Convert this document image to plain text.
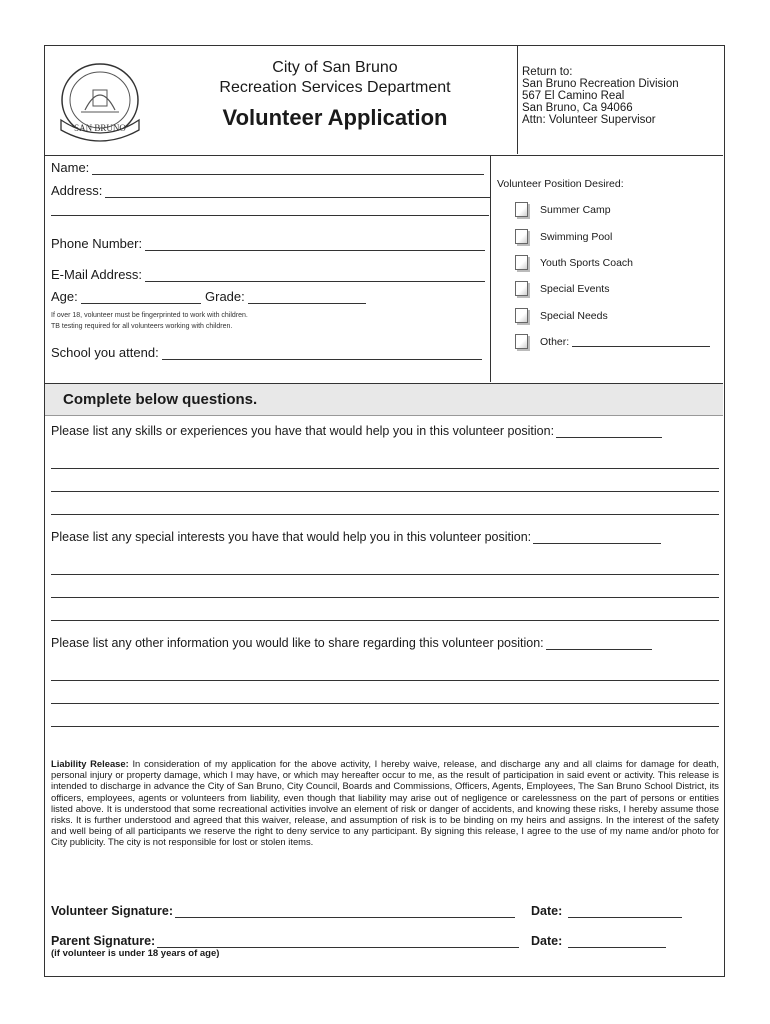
SAN BRUNO
City of San Bruno
Recreation Services Department
Volunteer Application
Return to:
San Bruno Recreation Division
567 El Camino Real
San Bruno, Ca 94066
Attn: Volunteer Supervisor
Name:
Address:
Phone Number:
E-Mail Address:
Age:	Grade:
If over 18, volunteer must be fingerprinted to work with children.
TB testing required for all volunteers working with children.
School you attend:
Volunteer Position Desired:
Summer Camp
Swimming Pool
Youth Sports Coach
Special Events
Special Needs
Other:
Complete below questions.
Please list any skills or experiences you have that would help you in this volunteer position:
Please list any special interests you have that would help you in this volunteer position:
Please list any other information you would like to share regarding this volunteer position:
Liability Release: In consideration of my application for the above activity, I hereby waive, release, and discharge any and all claims for damage for death, personal injury or property damage, which I may have, or which may hereafter occur to me, as the result of participation in said event or activity. This release is intended to discharge in advance the City of San Bruno, City Council, Boards and Commissions, Officers, Agents, Employees, The San Bruno School District, its officers, employees, agents or volunteers from liability, even though that liability may arise out of negligence or carelessness on the part of persons or entities listed above. It is understood that some recreational activities involve an element of risk or danger of accidents, and knowing these risks, I hereby assume those risks. It is further understood and agreed that this waiver, release, and assumption of risk is to be binding on my heirs and assigns. In the interest of the safety and well being of all participants we reserve the right to deny service to any participant. By signing this release, I agree to the use of my name and/or photo for City publicity. The city is not responsible for lost or stolen items.
Volunteer Signature:	Date:
Parent Signature:	Date:
(if volunteer is under 18 years of age)
